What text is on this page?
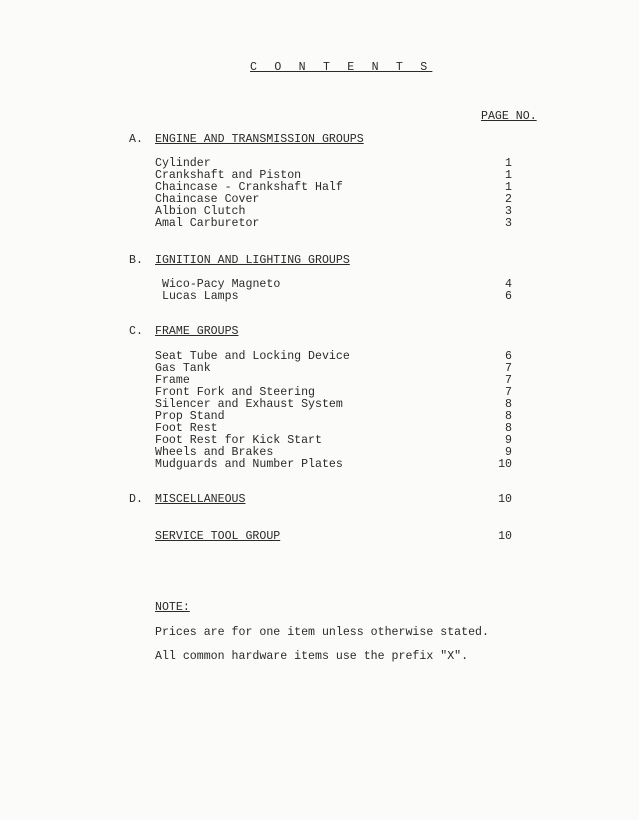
C O N T E N T S
PAGE NO.
A. ENGINE AND TRANSMISSION GROUPS
Cylinder	1
Crankshaft and Piston	1
Chaincase - Crankshaft Half	1
Chaincase Cover	2
Albion Clutch	3
Amal Carburetor	3
B. IGNITION AND LIGHTING GROUPS
Wico-Pacy Magneto	4
Lucas Lamps	6
C. FRAME GROUPS
Seat Tube and Locking Device	6
Gas Tank	7
Frame	7
Front Fork and Steering	7
Silencer and Exhaust System	8
Prop Stand	8
Foot Rest	8
Foot Rest for Kick Start	9
Wheels and Brakes	9
Mudguards and Number Plates	10
D. MISCELLANEOUS	10
SERVICE TOOL GROUP	10
NOTE:
Prices are for one item unless otherwise stated.
All common hardware items use the prefix "X".
